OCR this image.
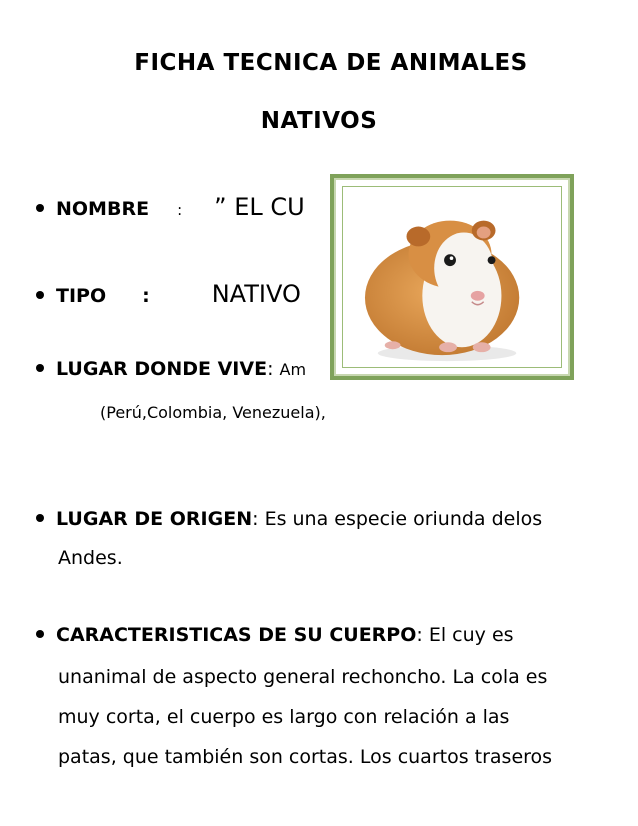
FICHA TECNICA DE ANIMALES
NATIVOS
NOMBRE : ” EL CU
TIPO :	NATIVO
LUGAR DONDE VIVE: Am
(Perú,Colombia, Venezuela),
LUGAR DE ORIGEN: Es una especie oriunda delos
Andes.
CARACTERISTICAS DE SU CUERPO: El cuy es
unanimal de aspecto general rechoncho. La cola es
muy corta, el cuerpo es largo con relación a las
patas, que también son cortas. Los cuartos traseros
